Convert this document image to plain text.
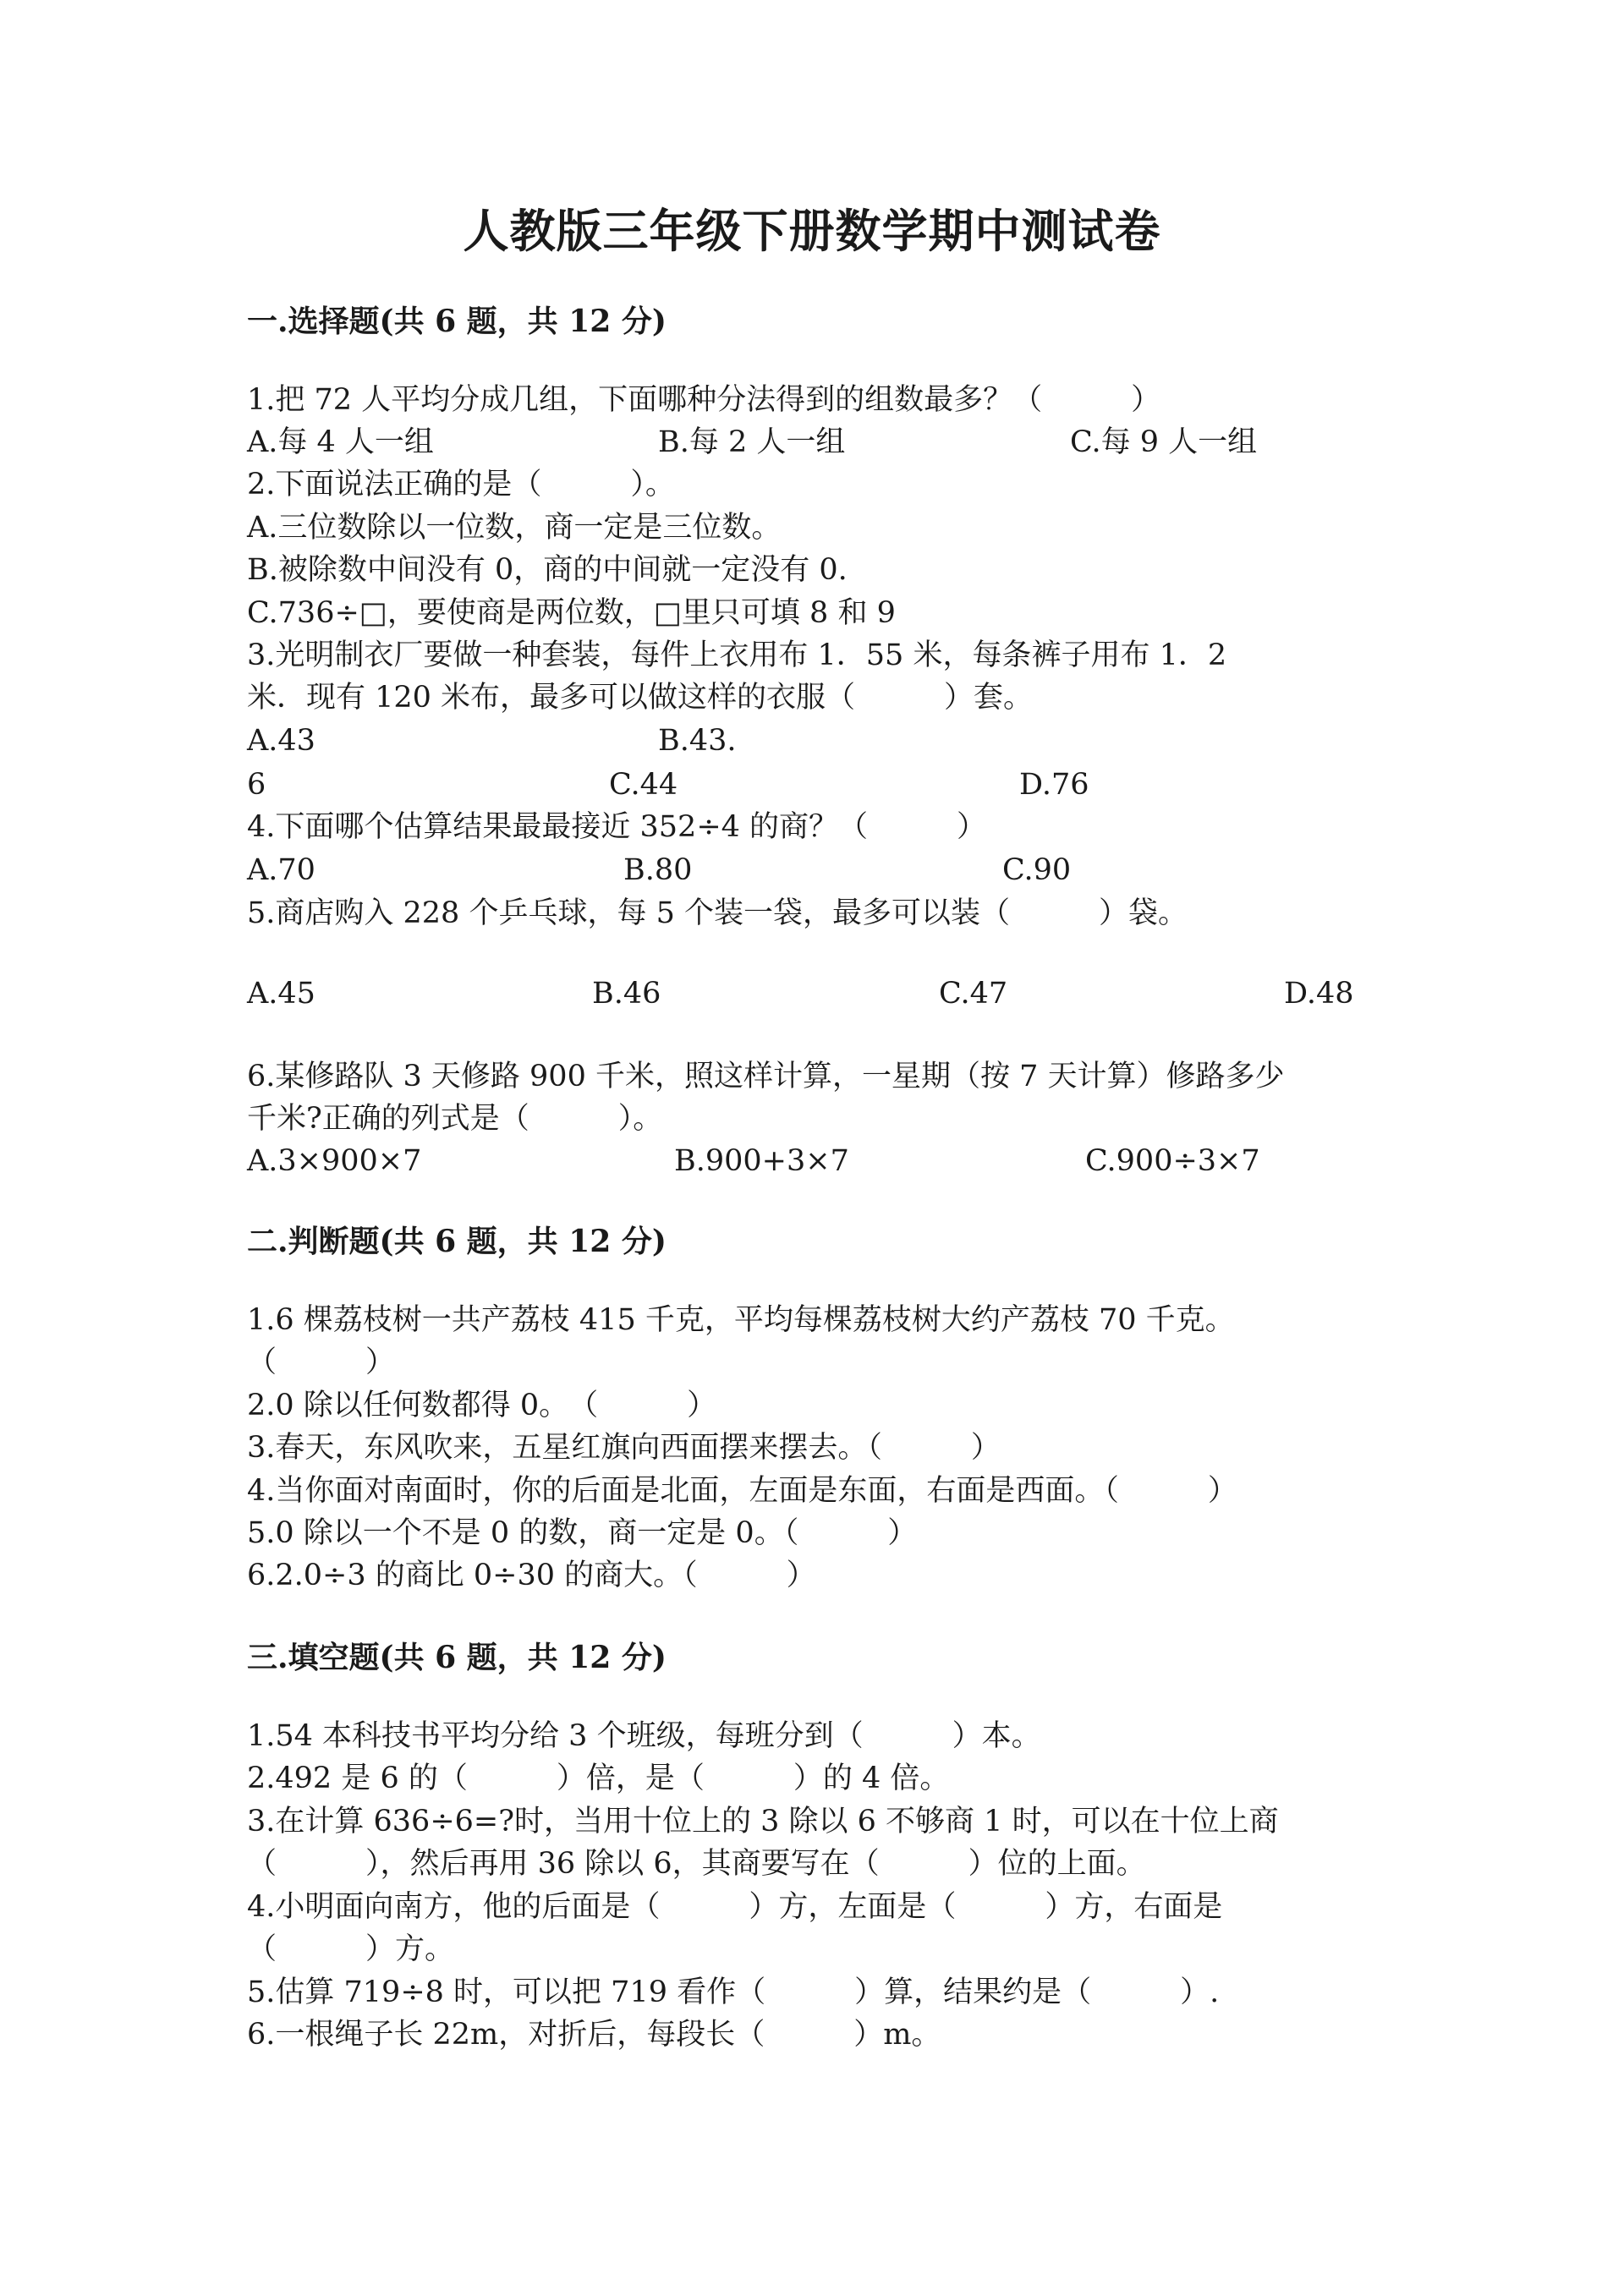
人教版三年级下册数学期中测试卷
一.选择题(共 6 题，共 12 分)
1.把 72 人平均分成几组，下面哪种分法得到的组数最多？（　　　）
A.每 4 人一组	B.每 2 人一组	C.每 9 人一组
2.下面说法正确的是（　　　）。
A.三位数除以一位数，商一定是三位数。
B.被除数中间没有 0，商的中间就一定没有 0.
C.736÷□，要使商是两位数，□里只可填 8 和 9
3.光明制衣厂要做一种套装，每件上衣用布 1．55 米，每条裤子用布 1．2
米．现有 120 米布，最多可以做这样的衣服（　　　）套。
A.43	B.43.
6	C.44	D.76
4.下面哪个估算结果最最接近 352÷4 的商？（　　　）
A.70	B.80	C.90
5.商店购入 228 个乒乓球，每 5 个装一袋，最多可以装（　　　）袋。
A.45	B.46	C.47	D.48
6.某修路队 3 天修路 900 千米，照这样计算，一星期（按 7 天计算）修路多少
千米?正确的列式是（　　　）。
A.3×900×7	B.900+3×7	C.900÷3×7
二.判断题(共 6 题，共 12 分)
1.6 棵荔枝树一共产荔枝 415 千克，平均每棵荔枝树大约产荔枝 70 千克。
（　　　）
2.0 除以任何数都得 0。　（　　　）
3.春天，东风吹来，五星红旗向西面摆来摆去。（　　　）
4.当你面对南面时，你的后面是北面，左面是东面，右面是西面。（　　　）
5.0 除以一个不是 0 的数，商一定是 0。（　　　）
6.2.0÷3 的商比 0÷30 的商大。（　　　）
三.填空题(共 6 题，共 12 分)
1.54 本科技书平均分给 3 个班级，每班分到（　　　）本。
2.492 是 6 的（　　　）倍，是（　　　）的 4 倍。
3.在计算 636÷6=?时，当用十位上的 3 除以 6 不够商 1 时，可以在十位上商
（　　　），然后再用 36 除以 6，其商要写在（　　　）位的上面。
4.小明面向南方，他的后面是（　　　）方，左面是（　　　）方，右面是
（　　　）方。
5.估算 719÷8 时，可以把 719 看作（　　　）算，结果约是（　　　）.
6.一根绳子长 22m，对折后，每段长（　　　）m。
